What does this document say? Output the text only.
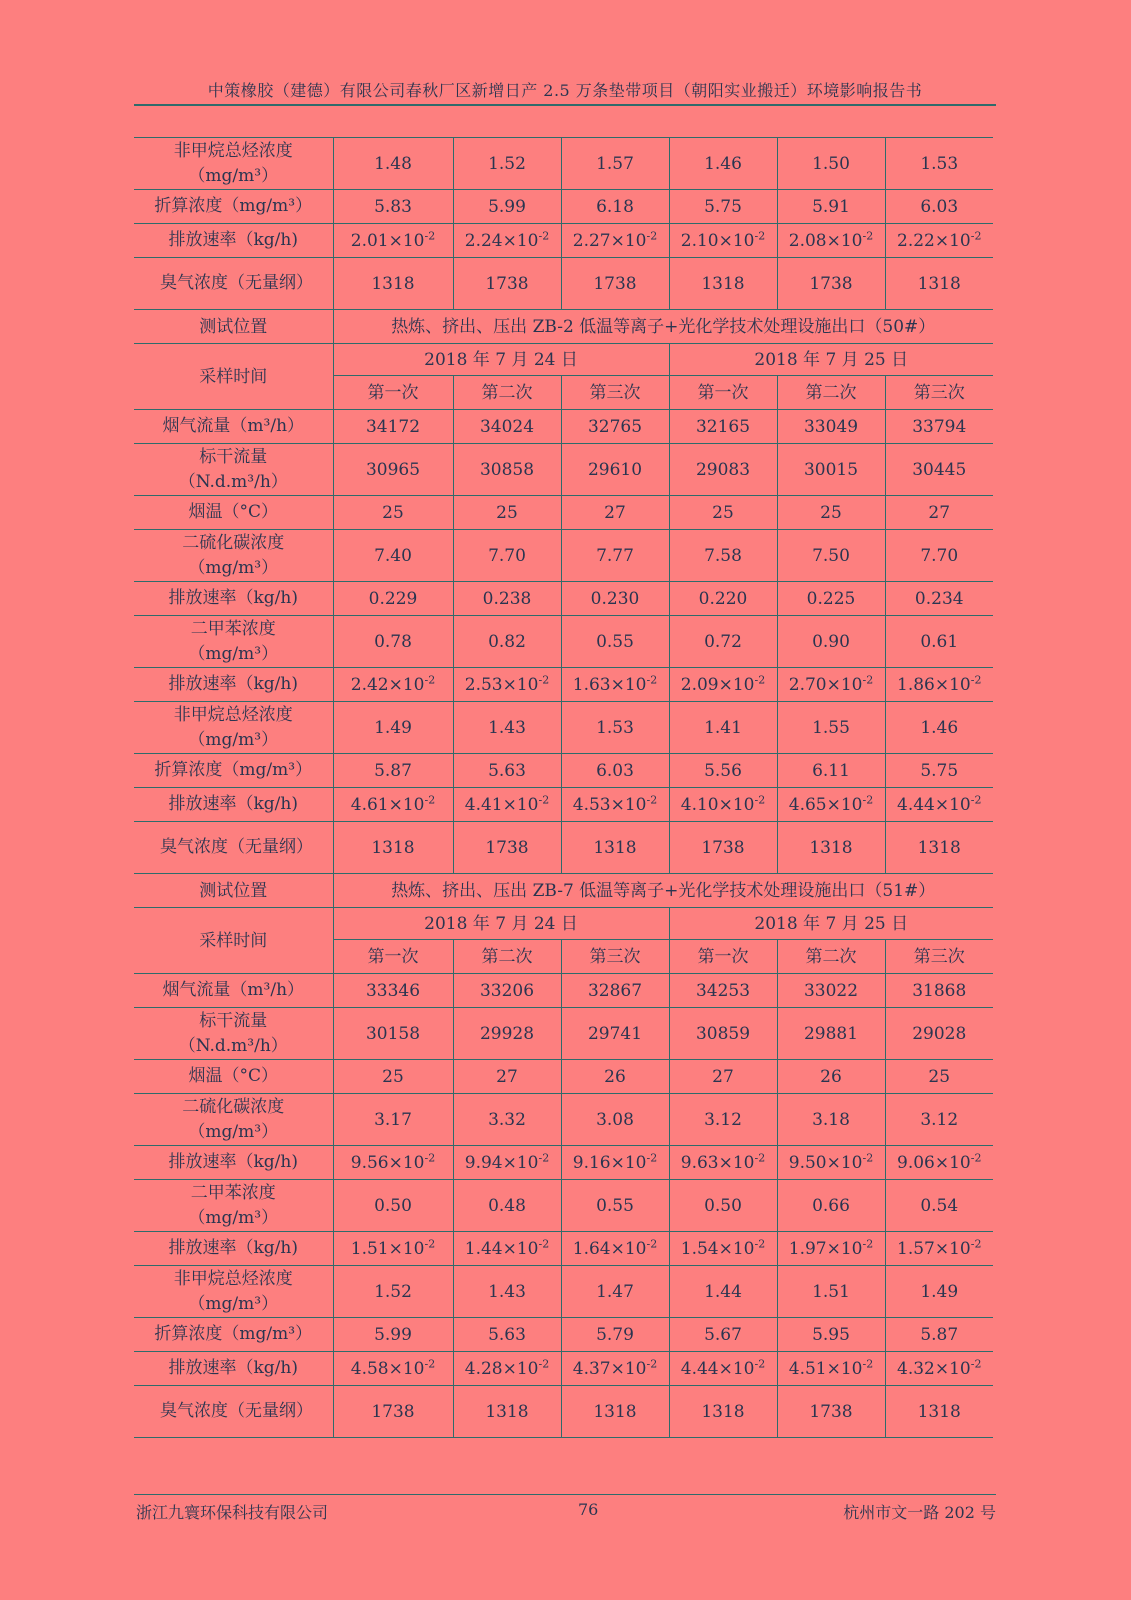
中策橡胶（建德）有限公司春秋厂区新增日产 2.5 万条垫带项目（朝阳实业搬迁）环境影响报告书
非甲烷总烃浓度（mg/m³）	1.48	1.52	1.57	1.46	1.50	1.53
折算浓度（mg/m³）	5.83	5.99	6.18	5.75	5.91	6.03
排放速率（kg/h)	$2.01\times 10^{-2}$	$2.24\times 10^{-2}$	$2.27\times 10^{-2}$	$2.10\times 10^{-2}$	$2.08\times 10^{-2}$	$2.22\times 10^{-2}$
臭气浓度（无量纲）	1318	1738	1738	1318	1738	1318
测试位置	热炼、挤出、压出 ZB-2 低温等离子+光化学技术处理设施出口（50#）					
采样时间	2018 年 7 月 24 日			2018 年 7 月 25 日		
	第一次	第二次	第三次	第一次	第二次	第三次
烟气流量（m³/h）	34172	34024	32765	32165	33049	33794
标干流量（N.d.m³/h）	30965	30858	29610	29083	30015	30445
烟温（°C）	25	25	27	25	25	27
二硫化碳浓度（mg/m³）	7.40	7.70	7.77	7.58	7.50	7.70
排放速率（kg/h)	0.229	0.238	0.230	0.220	0.225	0.234
二甲苯浓度（mg/m³）	0.78	0.82	0.55	0.72	0.90	0.61
排放速率（kg/h)	$2.42\times 10^{-2}$	$2.53\times 10^{-2}$	$1.63\times 10^{-2}$	$2.09\times 10^{-2}$	$2.70\times 10^{-2}$	$1.86\times 10^{-2}$
非甲烷总烃浓度（mg/m³）	1.49	1.43	1.53	1.41	1.55	1.46
折算浓度（mg/m³）	5.87	5.63	6.03	5.56	6.11	5.75
排放速率（kg/h)	$4.61\times 10^{-2}$	$4.41\times 10^{-2}$	$4.53\times 10^{-2}$	$4.10\times 10^{-2}$	$4.65\times 10^{-2}$	$4.44\times 10^{-2}$
臭气浓度（无量纲）	1318	1738	1318	1738	1318	1318
测试位置	热炼、挤出、压出 ZB-7 低温等离子+光化学技术处理设施出口（51#）					
采样时间	2018 年 7 月 24 日			2018 年 7 月 25 日		
	第一次	第二次	第三次	第一次	第二次	第三次
烟气流量（m³/h）	33346	33206	32867	34253	33022	31868
标干流量（N.d.m³/h）	30158	29928	29741	30859	29881	29028
烟温（°C）	25	27	26	27	26	25
二硫化碳浓度（mg/m³）	3.17	3.32	3.08	3.12	3.18	3.12
排放速率（kg/h)	$9.56\times 10^{-2}$	$9.94\times 10^{-2}$	$9.16\times 10^{-2}$	$9.63\times 10^{-2}$	$9.50\times 10^{-2}$	$9.06\times 10^{-2}$
二甲苯浓度（mg/m³）	0.50	0.48	0.55	0.50	0.66	0.54
排放速率（kg/h)	$1.51\times 10^{-2}$	$1.44\times 10^{-2}$	$1.64\times 10^{-2}$	$1.54\times 10^{-2}$	$1.97\times 10^{-2}$	$1.57\times 10^{-2}$
非甲烷总烃浓度（mg/m³）	1.52	1.43	1.47	1.44	1.51	1.49
折算浓度（mg/m³）	5.99	5.63	5.79	5.67	5.95	5.87
排放速率（kg/h)	$4.58\times 10^{-2}$	$4.28\times 10^{-2}$	$4.37\times 10^{-2}$	$4.44\times 10^{-2}$	$4.51\times 10^{-2}$	$4.32\times 10^{-2}$
臭气浓度（无量纲）	1738	1318	1318	1318	1738	1318
浙江九寰环保科技有限公司	76	杭州市文一路 202 号
